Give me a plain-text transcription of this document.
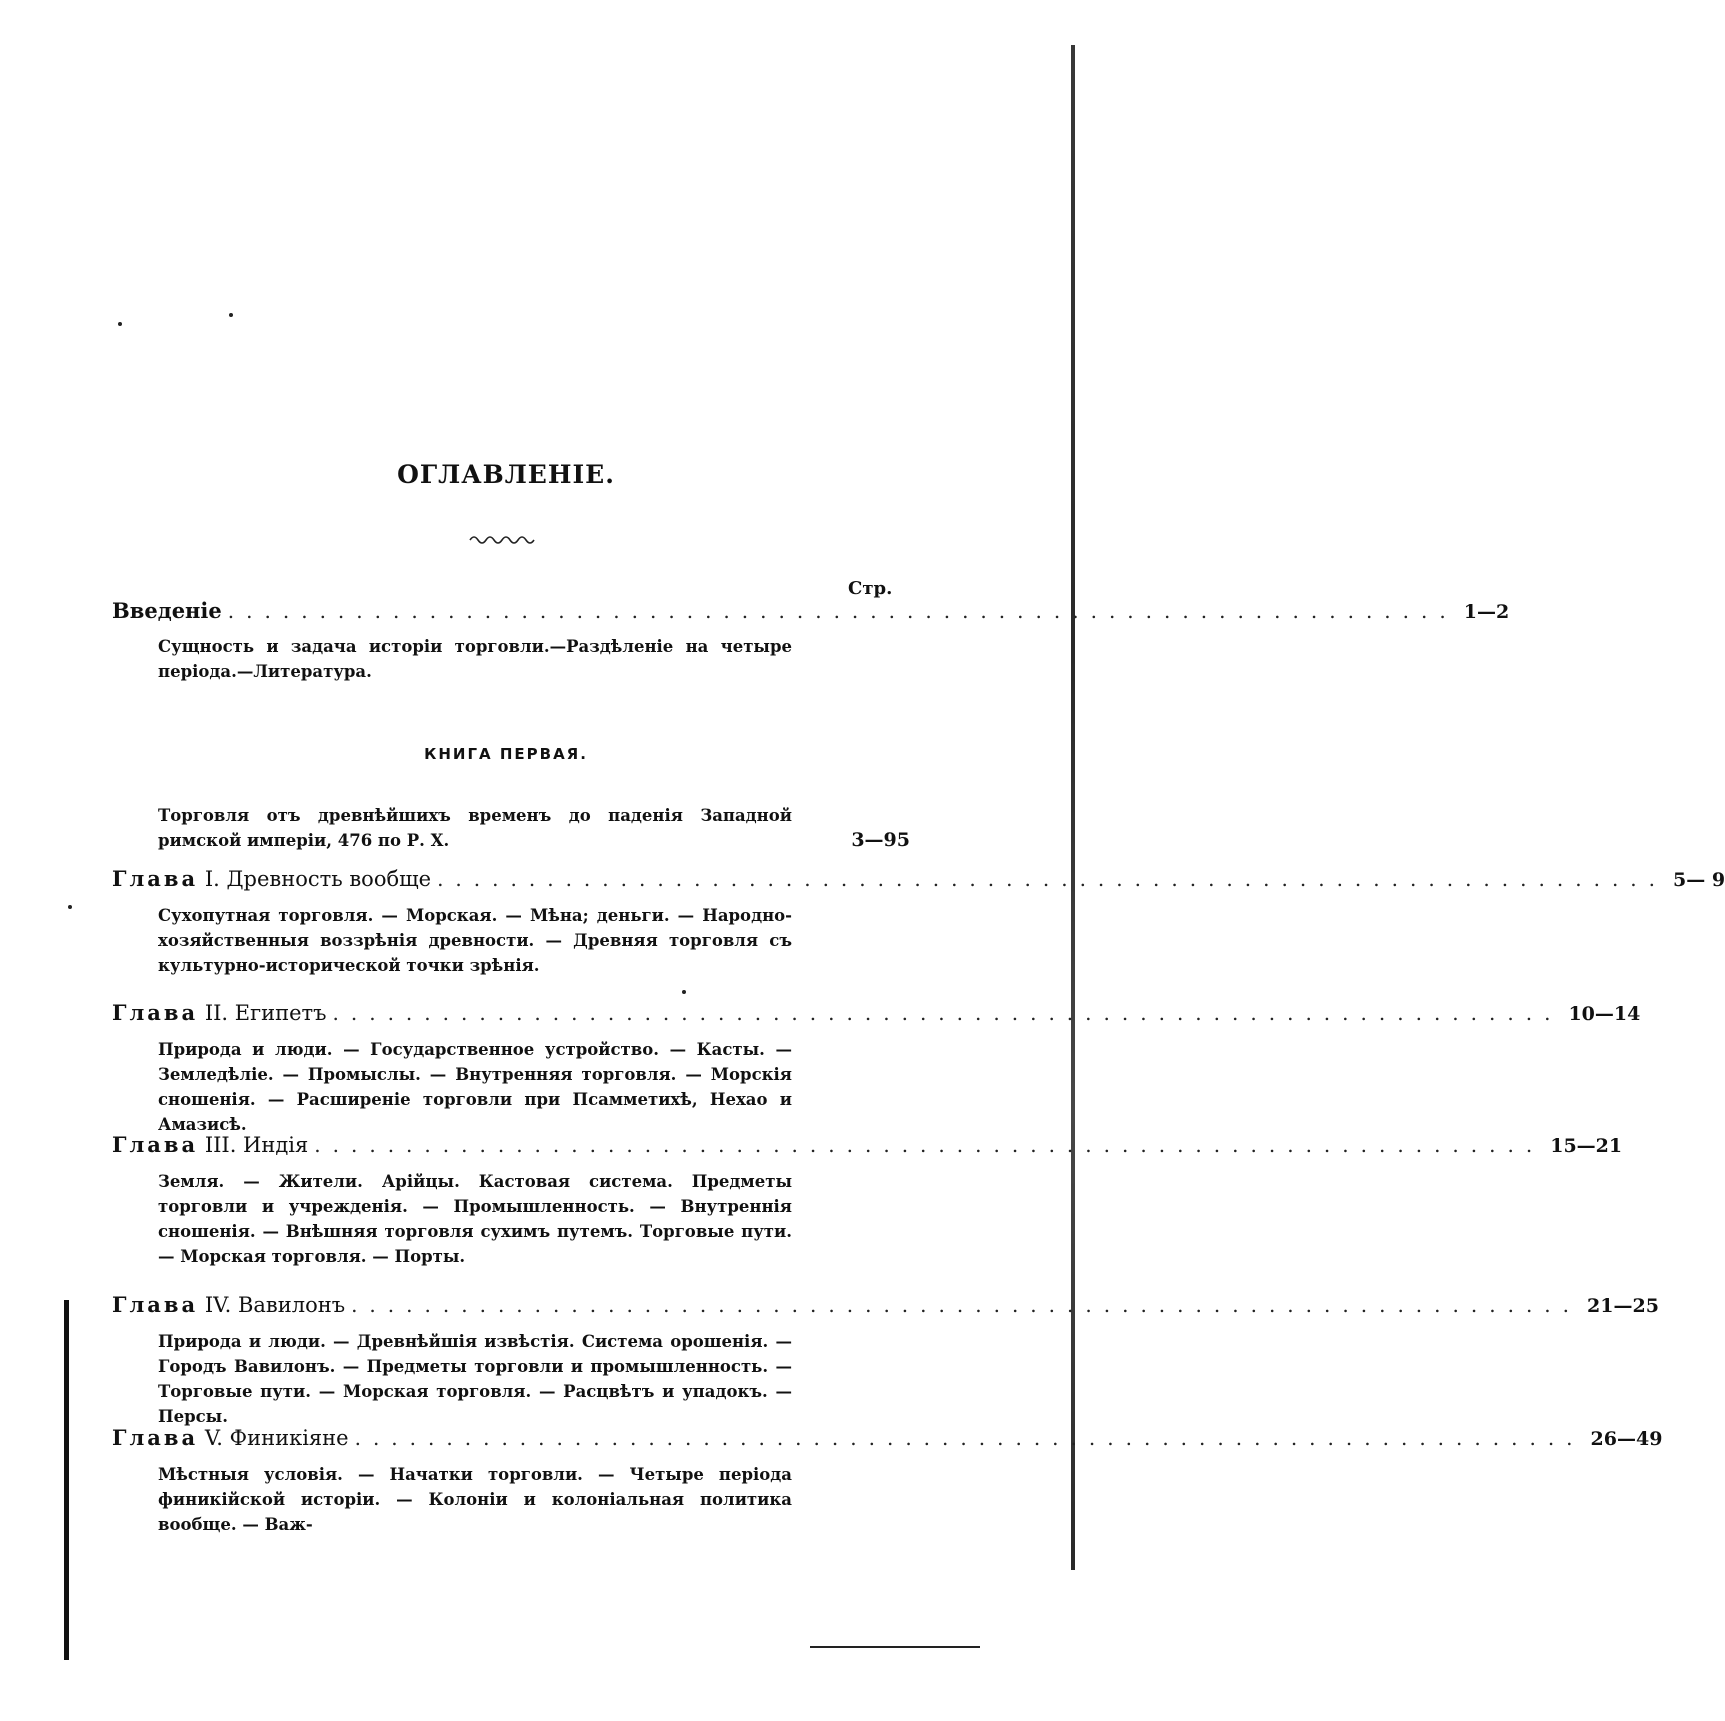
ОГЛАВЛЕНІЕ.
Стр.
Введеніе ................................................................... 1—2
Сущность и задача исторіи торговли.—Раздѣленіе на четыре періода.—Литература.
КНИГА ПЕРВАЯ.
Торговля отъ древнѣйшихъ временъ до паденія Западной римской имперіи, 476 по Р. Х.	3—95
Глава I. Древность вообще ................................................................... 5— 9
Сухопутная торговля. — Морская. — Мѣна; деньги. — Народно-хозяйственныя воззрѣнія древности. — Древняя торговля съ культурно-исторической точки зрѣнія.
Глава II. Египетъ ................................................................... 10—14
Природа и люди. — Государственное устройство. — Касты. — Земледѣліе. — Промыслы. — Внутренняя торговля. — Морскія сношенія. — Расширеніе торговли при Псамметихѣ, Нехао и Амазисѣ.
Глава III. Индія ................................................................... 15—21
Земля. — Жители. Арійцы. Кастовая система. Предметы торговли и учрежденія. — Промышленность. — Внутреннія сношенія. — Внѣшняя торговля сухимъ путемъ. Торговые пути. — Морская торговля. — Порты.
Глава IV. Вавилонъ ................................................................... 21—25
Природа и люди. — Древнѣйшія извѣстія. Система орошенія. — Городъ Вавилонъ. — Предметы торговли и промышленность. — Торговые пути. — Морская торговля. — Расцвѣтъ и упадокъ. — Персы.
Глава V. Финикіяне ................................................................... 26—49
Мѣстныя условія. — Начатки торговли. — Четыре періода финикійской исторіи. — Колоніи и колоніальная политика вообще. — Важ-
